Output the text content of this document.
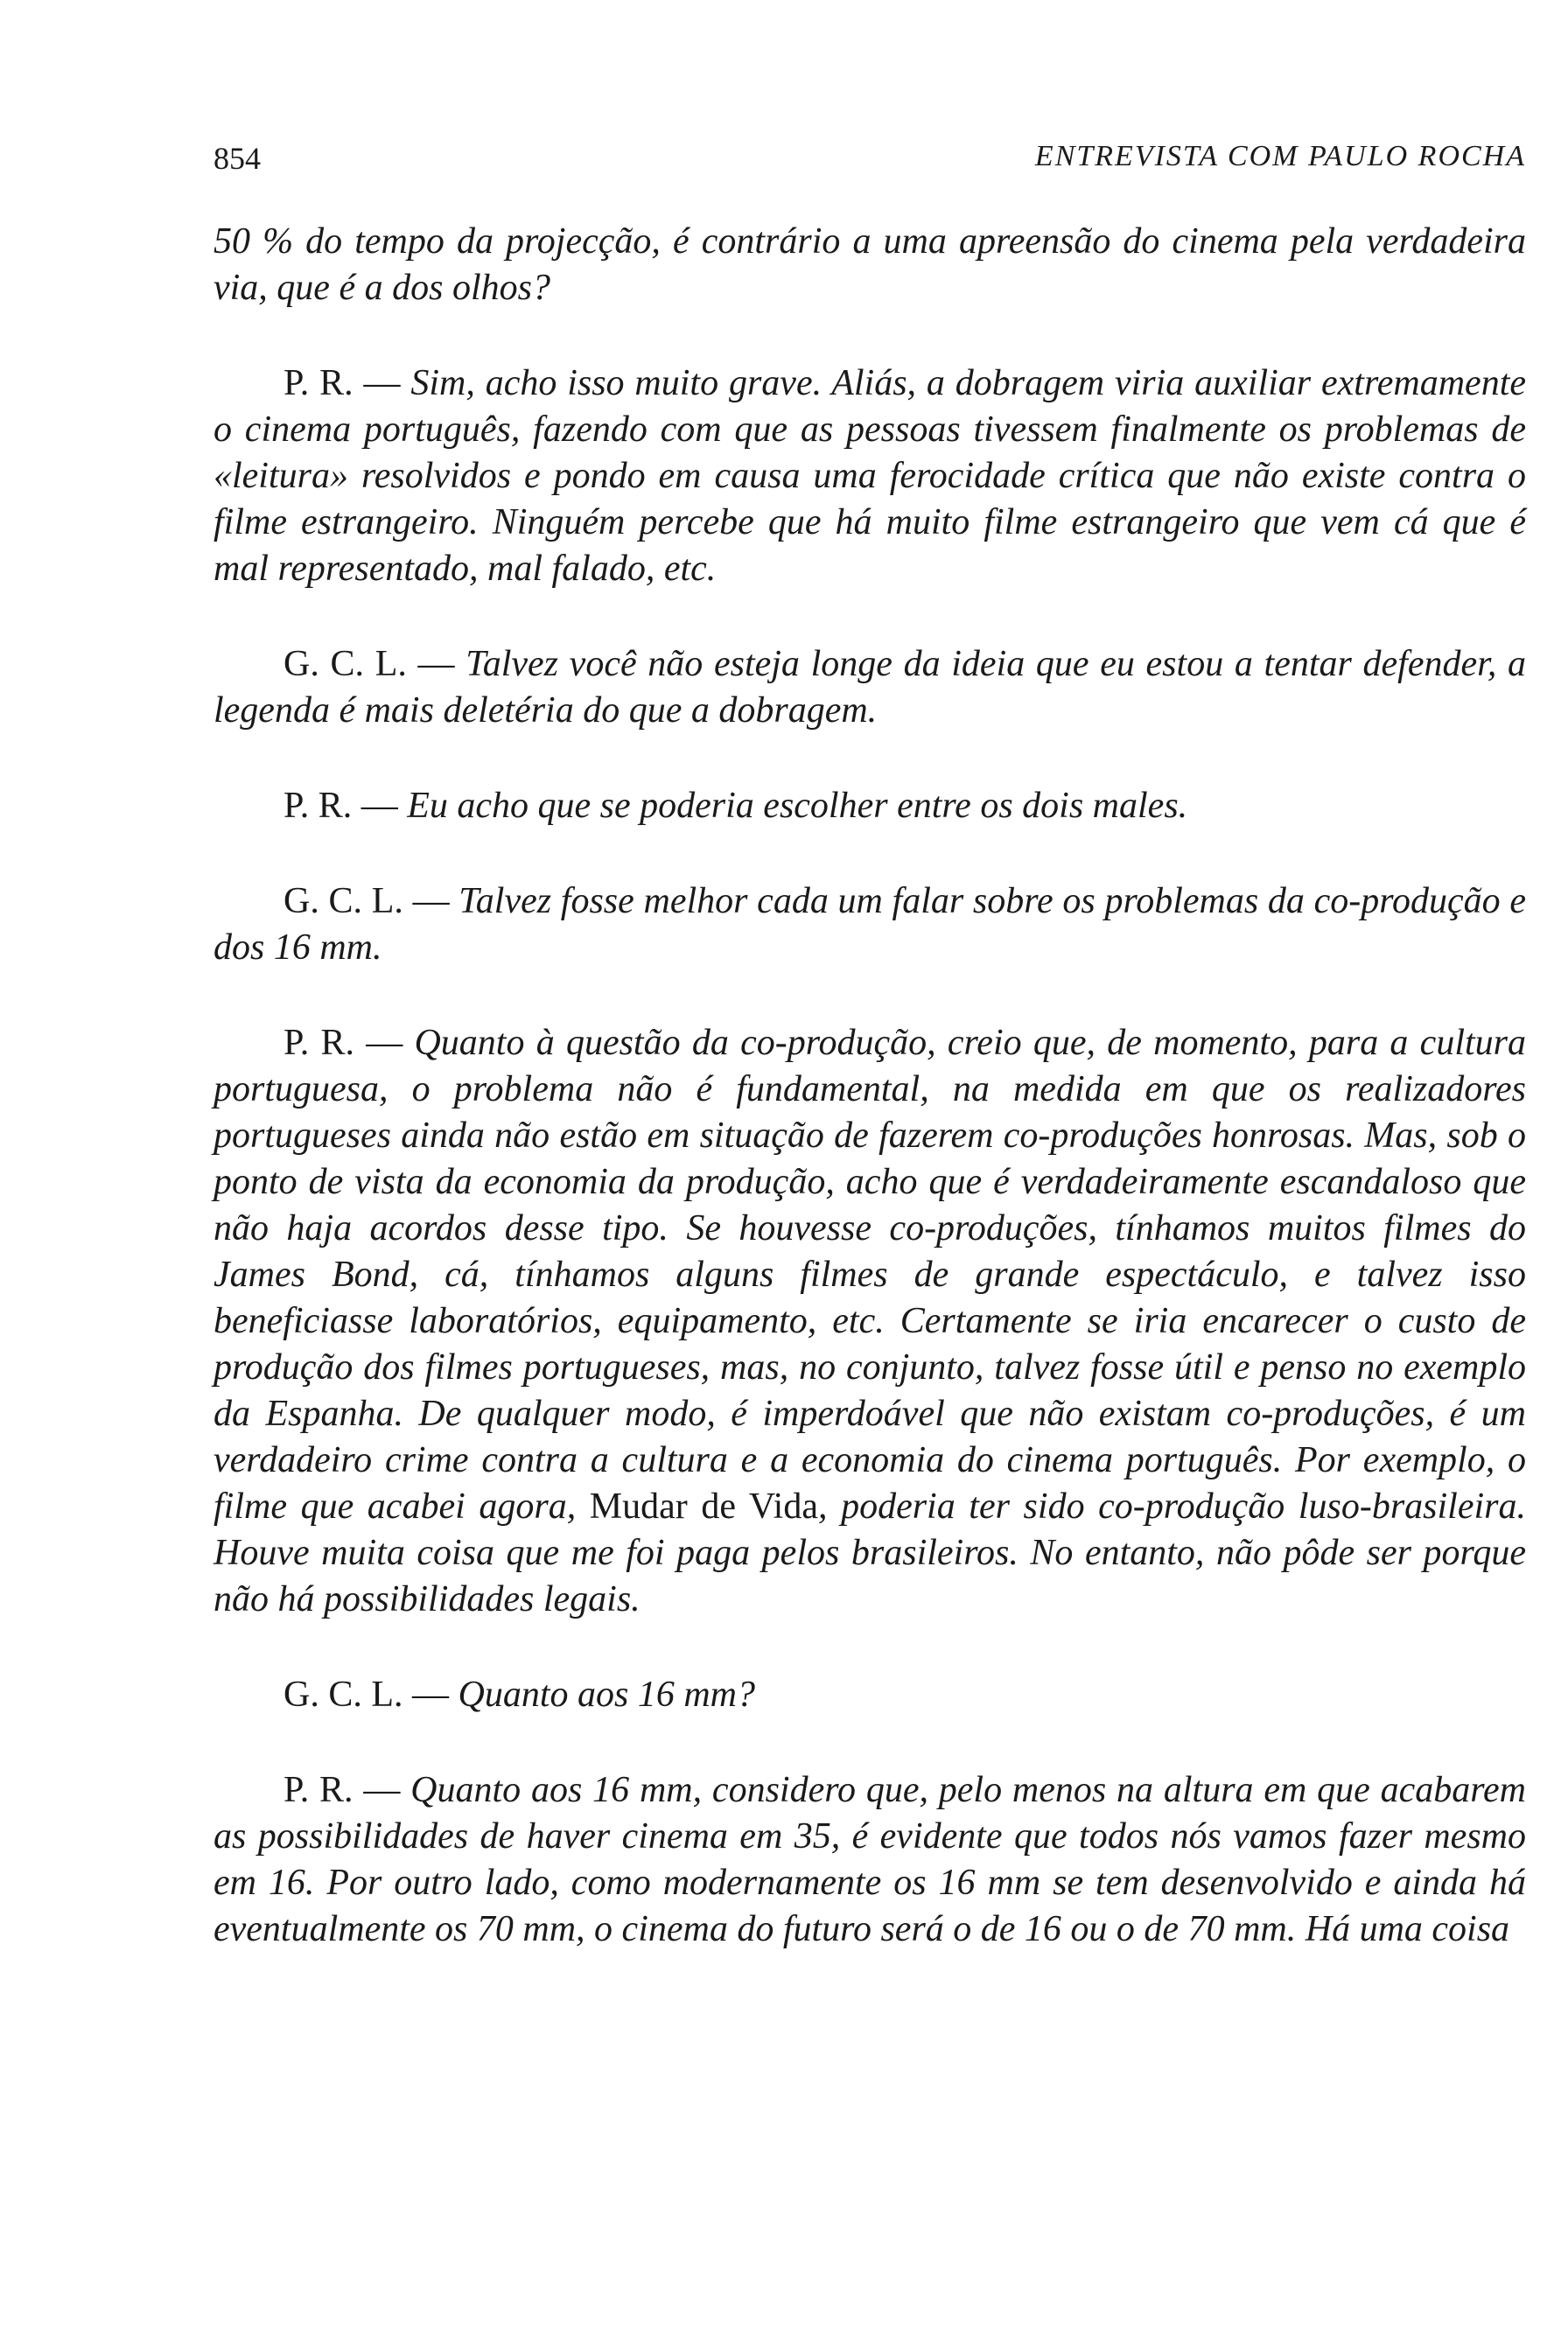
854	ENTREVISTA COM PAULO ROCHA

50 % do tempo da projecção, é contrário a uma apreensão do cinema pela verdadeira via, que é a dos olhos?

P. R. — Sim, acho isso muito grave. Aliás, a dobragem viria auxiliar extremamente o cinema português, fazendo com que as pessoas tivessem finalmente os problemas de «leitura» resolvidos e pondo em causa uma ferocidade crítica que não existe contra o filme estrangeiro. Ninguém percebe que há muito filme estrangeiro que vem cá que é mal representado, mal falado, etc.

G. C. L. — Talvez você não esteja longe da ideia que eu estou a tentar defender, a legenda é mais deletéria do que a dobragem.

P. R. — Eu acho que se poderia escolher entre os dois males.

G. C. L. — Talvez fosse melhor cada um falar sobre os problemas da co-produção e dos 16 mm.

P. R. — Quanto à questão da co-produção, creio que, de momento, para a cultura portuguesa, o problema não é fundamental, na medida em que os realizadores portugueses ainda não estão em situação de fazerem co-produções honrosas. Mas, sob o ponto de vista da economia da produção, acho que é verdadeiramente escandaloso que não haja acordos desse tipo. Se houvesse co-produções, tínhamos muitos filmes do James Bond, cá, tínhamos alguns filmes de grande espectáculo, e talvez isso beneficiasse laboratórios, equipamento, etc. Certamente se iria encarecer o custo de produção dos filmes portugueses, mas, no conjunto, talvez fosse útil e penso no exemplo da Espanha. De qualquer modo, é imperdoável que não existam co-produções, é um verdadeiro crime contra a cultura e a economia do cinema português. Por exemplo, o filme que acabei agora, Mudar de Vida, poderia ter sido co-produção luso-brasileira. Houve muita coisa que me foi paga pelos brasileiros. No entanto, não pôde ser porque não há possibilidades legais.

G. C. L. — Quanto aos 16 mm?

P. R. — Quanto aos 16 mm, considero que, pelo menos na altura em que acabarem as possibilidades de haver cinema em 35, é evidente que todos nós vamos fazer mesmo em 16. Por outro lado, como modernamente os 16 mm se tem desenvolvido e ainda há eventualmente os 70 mm, o cinema do futuro será o de 16 ou o de 70 mm. Há uma coisa
